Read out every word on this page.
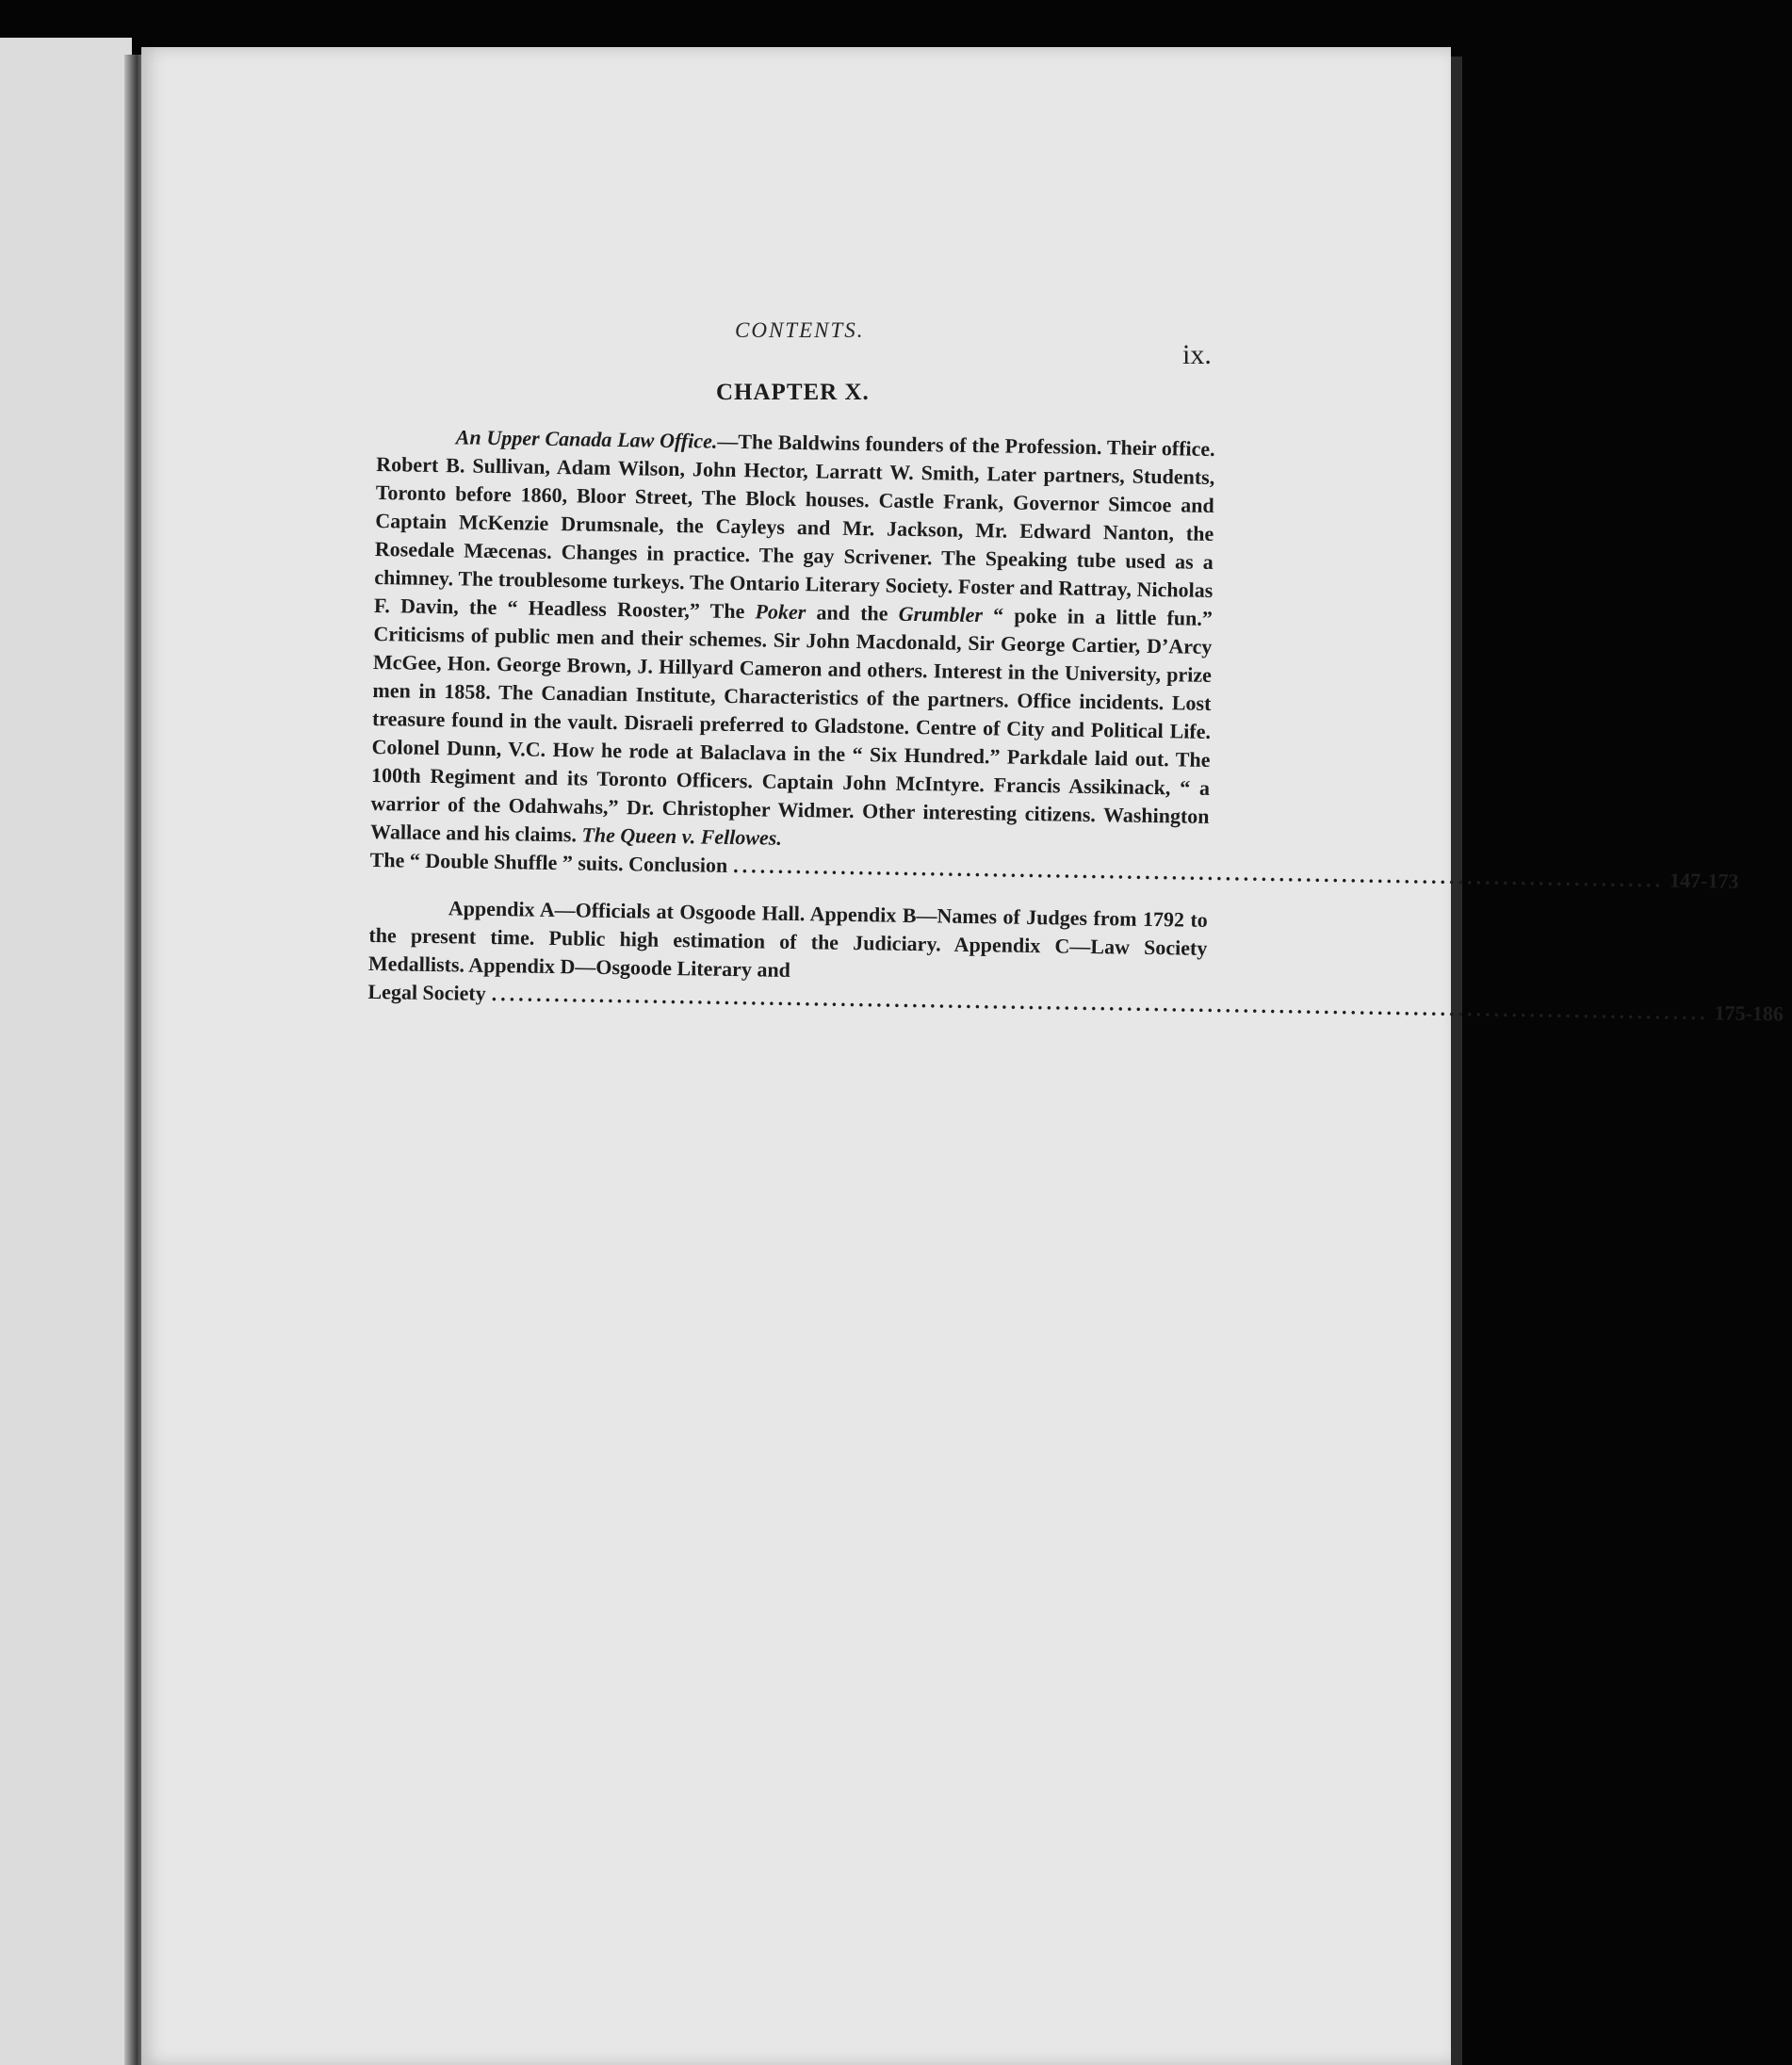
CONTENTS.
ix.
CHAPTER X.

An Upper Canada Law Office.—The Baldwins founders of the Profession. Their office. Robert B. Sullivan, Adam Wilson, John Hector, Larratt W. Smith, Later partners, Students, Toronto before 1860, Bloor Street, The Block houses. Castle Frank, Governor Simcoe and Captain McKenzie Drumsnale, the Cayleys and Mr. Jackson, Mr. Edward Nanton, the Rosedale Mæcenas. Changes in practice. The gay Scrivener. The Speaking tube used as a chimney. The troublesome turkeys. The Ontario Literary Society. Foster and Rattray, Nicholas F. Davin, the “ Headless Rooster,” The Poker and the Grumbler “ poke in a little fun.” Criticisms of public men and their schemes. Sir John Macdonald, Sir George Cartier, D’Arcy McGee, Hon. George Brown, J. Hillyard Cameron and others. Interest in the University, prize men in 1858. The Canadian Institute, Characteristics of the partners. Office incidents. Lost treasure found in the vault. Disraeli preferred to Gladstone. Centre of City and Political Life. Colonel Dunn, V.C. How he rode at Balaclava in the “ Six Hundred.” Parkdale laid out. The 100th Regiment and its Toronto Officers. Captain John McIntyre. Francis Assikinack, “ a warrior of the Odahwahs,” Dr. Christopher Widmer. Other interesting citizens. Washington Wallace and his claims. The Queen v. Fellowes.

The “ Double Shuffle ” suits. Conclusion ........................................................................................................ 147-173

Appendix A—Officials at Osgoode Hall. Appendix B—Names of Judges from 1792 to the present time. Public high estimation of the Judiciary. Appendix C—Law Society Medallists. Appendix D—Osgoode Literary and

Legal Society ........................................................................................................................................ 175-186
